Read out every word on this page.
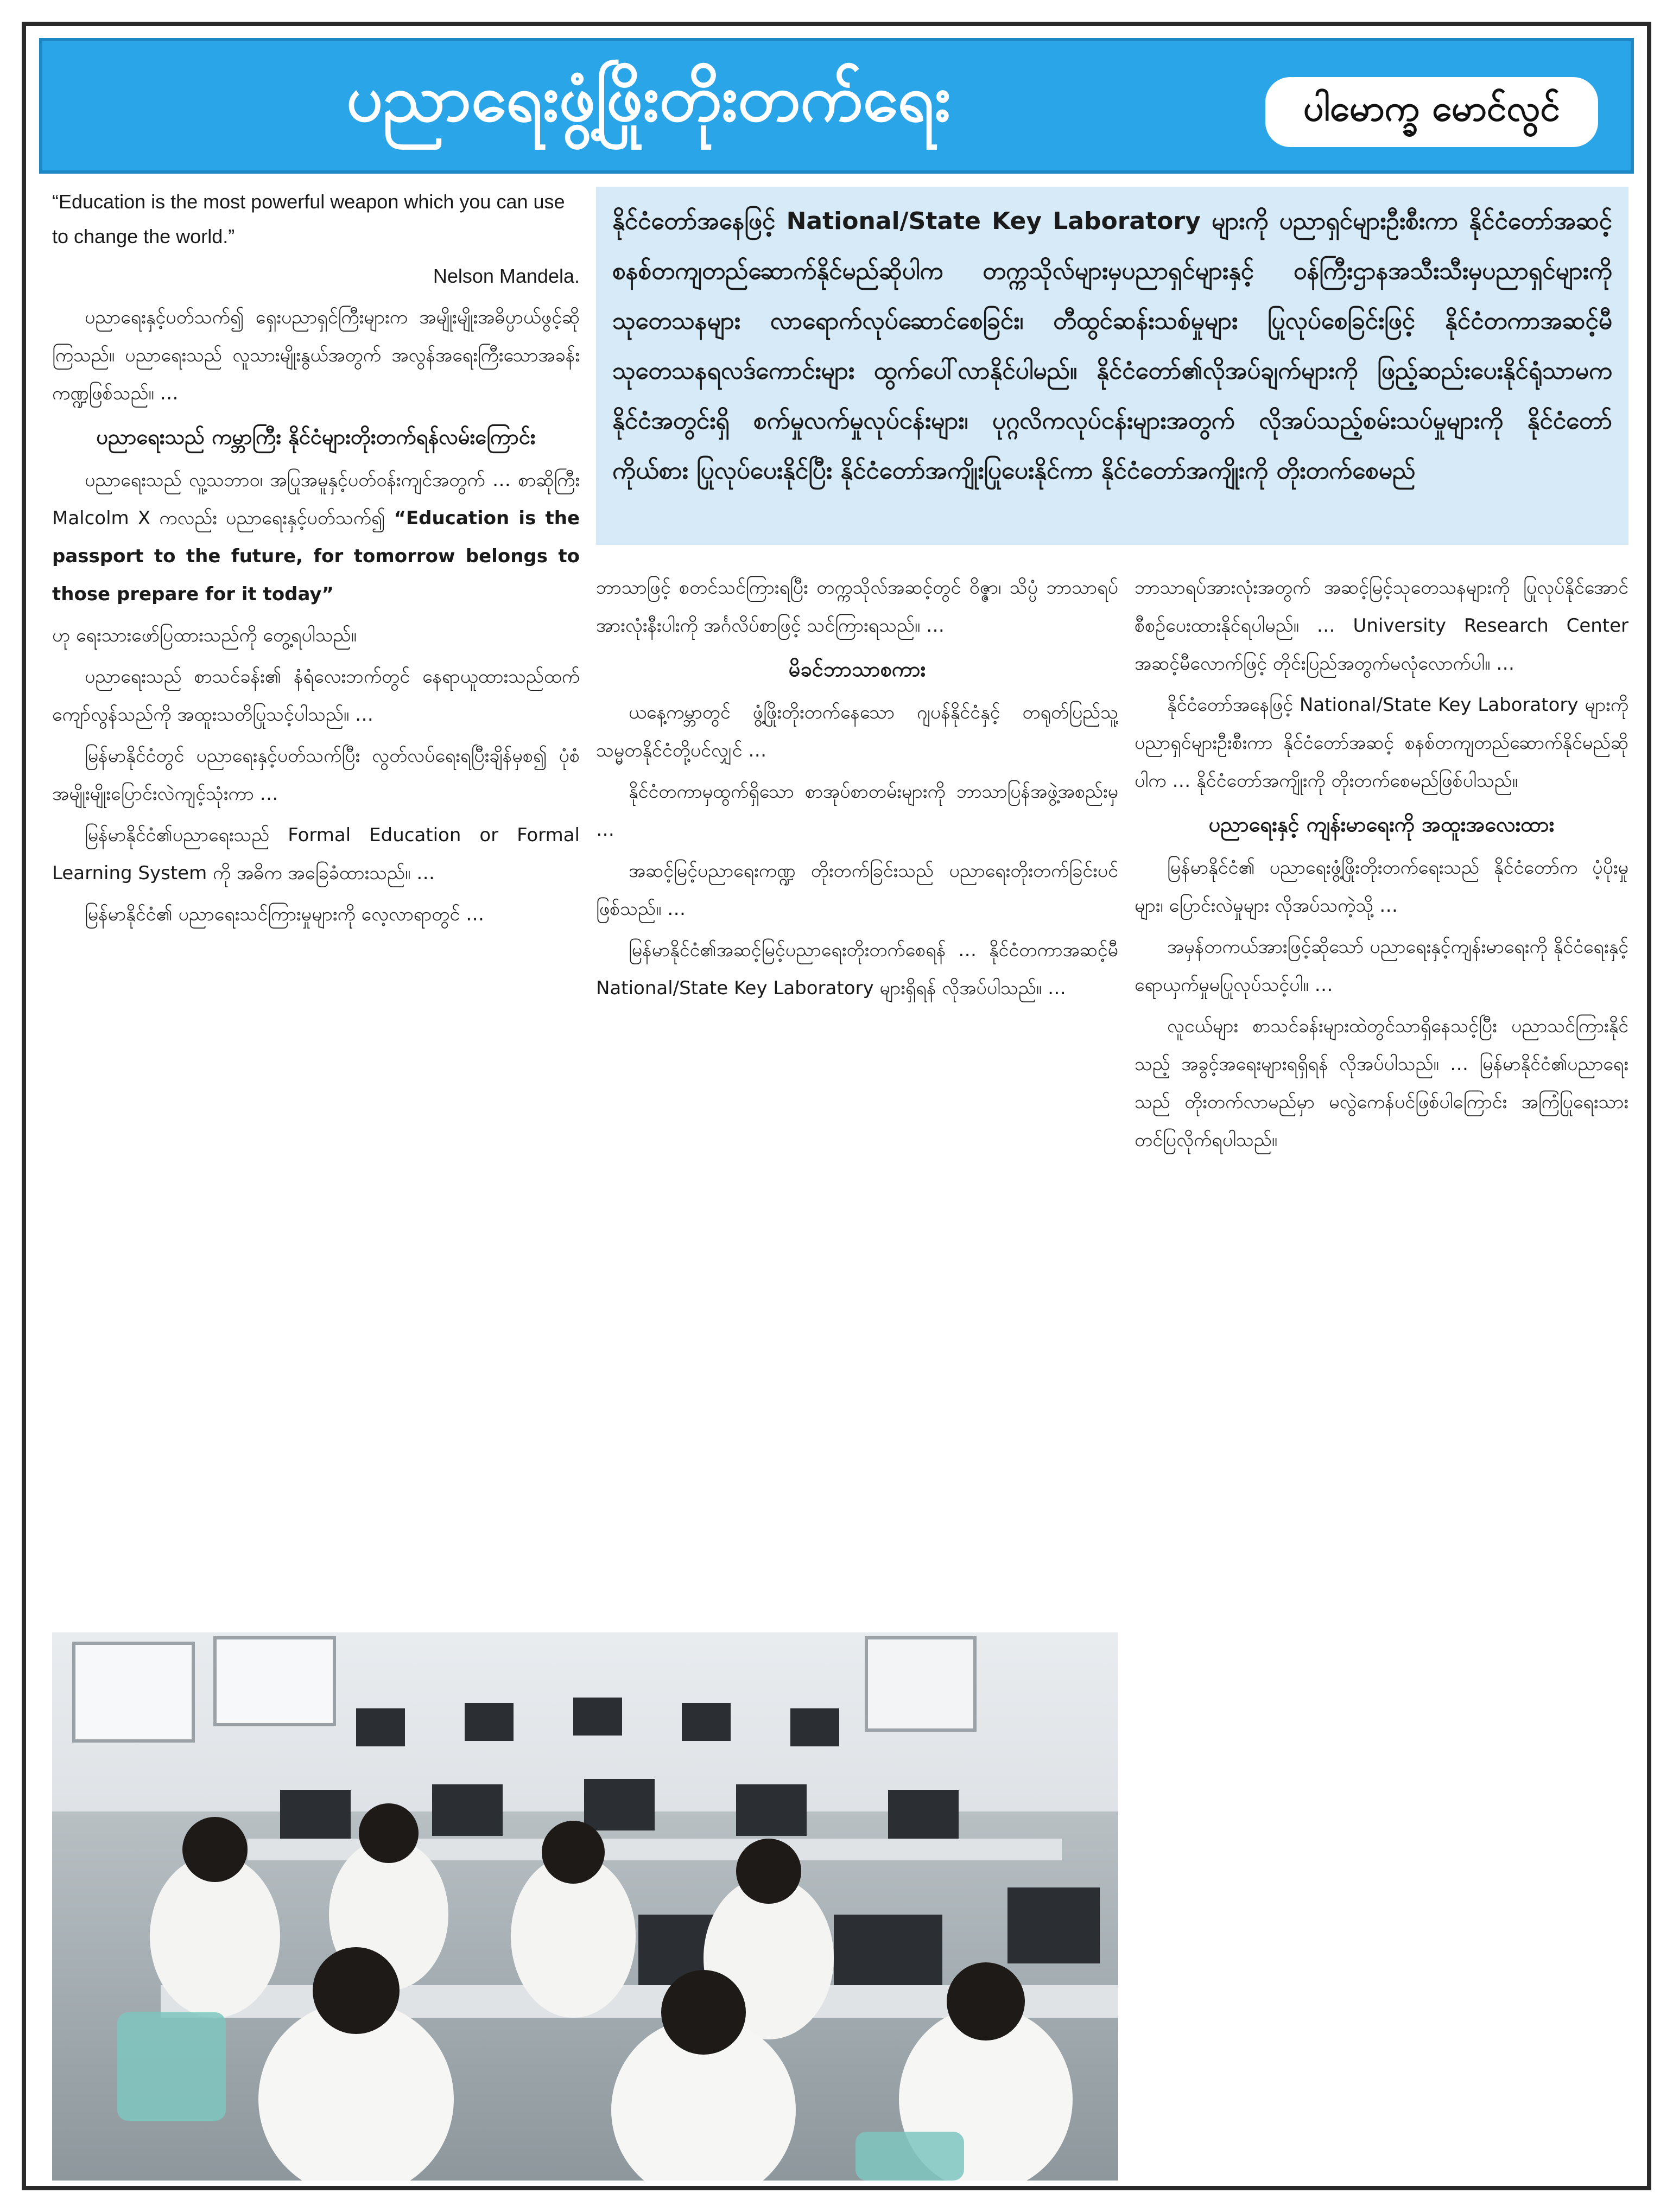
ပညာရေးဖွံ့ဖြိုးတိုးတက်ရေး	ပါမောက္ခ မောင်လွင်

“Education is the most powerful weapon which you can use to change the world.”

Nelson Mandela.

ပညာရေးနှင့်ပတ်သက်၍ ရှေးပညာရှင်ကြီးများက အမျိုးမျိုးအဓိပ္ပာယ်ဖွင့်ဆိုကြသည်။ ပညာရေးသည် လူသားမျိုးနွယ်အတွက် အလွန်အရေးကြီးသောအခန်းကဏ္ဍဖြစ်သည်။ …

ပညာရေးသည် ကမ္ဘာကြီး နိုင်ငံများတိုးတက်ရန်လမ်းကြောင်း

ပညာရေးသည် လူ့သဘာဝ၊ အပြုအမူနှင့်ပတ်ဝန်းကျင်အတွက် … စာဆိုကြီး Malcolm X ကလည်း ပညာရေးနှင့်ပတ်သက်၍ “Education is the passport to the future, for tomorrow belongs to those prepare for it today”

ဟု ရေးသားဖော်ပြထားသည်ကို တွေ့ရပါသည်။

ပညာရေးသည် စာသင်ခန်း၏ နံရံလေးဘက်တွင် နေရာယူထားသည်ထက် ကျော်လွန်သည်ကို အထူးသတိပြုသင့်ပါသည်။ …

မြန်မာနိုင်ငံတွင် ပညာရေးနှင့်ပတ်သက်ပြီး လွတ်လပ်ရေးရပြီးချိန်မှစ၍ ပုံစံအမျိုးမျိုးပြောင်းလဲကျင့်သုံးကာ …

မြန်မာနိုင်ငံ၏ပညာရေးသည် Formal Education or Formal Learning System ကို အဓိက အခြေခံထားသည်။ …

မြန်မာနိုင်ငံ၏ ပညာရေးသင်ကြားမှုများကို လေ့လာရာတွင် …

နိုင်ငံတော်အနေဖြင့် National/State Key Laboratory များကို ပညာရှင်များဦးစီးကာ နိုင်ငံတော်အဆင့် စနစ်တကျတည်ဆောက်နိုင်မည်ဆိုပါက တက္ကသိုလ်များမှပညာရှင်များနှင့် ဝန်ကြီးဌာနအသီးသီးမှပညာရှင်များကို သုတေသနများ လာရောက်လုပ်ဆောင်စေခြင်း၊ တီထွင်ဆန်းသစ်မှုများ ပြုလုပ်စေခြင်းဖြင့် နိုင်ငံတကာအဆင့်မီ သုတေသနရလဒ်ကောင်းများ ထွက်ပေါ်လာနိုင်ပါမည်။ နိုင်ငံတော်၏လိုအပ်ချက်များကို ဖြည့်ဆည်းပေးနိုင်ရုံသာမက နိုင်ငံအတွင်းရှိ စက်မှုလက်မှုလုပ်ငန်းများ၊ ပုဂ္ဂလိကလုပ်ငန်းများအတွက် လိုအပ်သည့်စမ်းသပ်မှုများကို နိုင်ငံတော်ကိုယ်စား ပြုလုပ်ပေးနိုင်ပြီး နိုင်ငံတော်အကျိုးပြုပေးနိုင်ကာ နိုင်ငံတော်အကျိုးကို တိုးတက်စေမည်

ဘာသာဖြင့် စတင်သင်ကြားရပြီး တက္ကသိုလ်အဆင့်တွင် ဝိဇ္ဇာ၊ သိပ္ပံ ဘာသာရပ်အားလုံးနီးပါးကို အင်္ဂလိပ်စာဖြင့် သင်ကြားရသည်။ …

မိခင်ဘာသာစကား

ယနေ့ကမ္ဘာတွင် ဖွံ့ဖြိုးတိုးတက်နေသော ဂျပန်နိုင်ငံနှင့် တရုတ်ပြည်သူ့သမ္မတနိုင်ငံတို့ပင်လျှင် …

နိုင်ငံတကာမှထွက်ရှိသော စာအုပ်စာတမ်းများကို ဘာသာပြန်အဖွဲ့အစည်းမှ …

အဆင့်မြင့်ပညာရေးကဏ္ဍ တိုးတက်ခြင်းသည် ပညာရေးတိုးတက်ခြင်းပင်ဖြစ်သည်။ …

မြန်မာနိုင်ငံ၏အဆင့်မြင့်ပညာရေးတိုးတက်စေရန် … နိုင်ငံတကာအဆင့်မီ National/State Key Laboratory များရှိရန် လိုအပ်ပါသည်။ …

ဘာသာရပ်အားလုံးအတွက် အဆင့်မြင့်သုတေသနများကို ပြုလုပ်နိုင်အောင် စီစဉ်ပေးထားနိုင်ရပါမည်။ … University Research Center အဆင့်မီလောက်ဖြင့် တိုင်းပြည်အတွက်မလုံလောက်ပါ။ …

နိုင်ငံတော်အနေဖြင့် National/State Key Laboratory များကို ပညာရှင်များဦးစီးကာ နိုင်ငံတော်အဆင့် စနစ်တကျတည်ဆောက်နိုင်မည်ဆိုပါက … နိုင်ငံတော်အကျိုးကို တိုးတက်စေမည်ဖြစ်ပါသည်။

ပညာရေးနှင့် ကျန်းမာရေးကို အထူးအလေးထား

မြန်မာနိုင်ငံ၏ ပညာရေးဖွံ့ဖြိုးတိုးတက်ရေးသည် နိုင်ငံတော်က ပံ့ပိုးမှုများ၊ ပြောင်းလဲမှုများ လိုအပ်သကဲ့သို့ …

အမှန်တကယ်အားဖြင့်ဆိုသော် ပညာရေးနှင့်ကျန်းမာရေးကို နိုင်ငံရေးနှင့် ရောယှက်မှုမပြုလုပ်သင့်ပါ။ …

လူငယ်များ စာသင်ခန်းများထဲတွင်သာရှိနေသင့်ပြီး ပညာသင်ကြားနိုင်သည့် အခွင့်အရေးများရရှိရန် လိုအပ်ပါသည်။ … မြန်မာနိုင်ငံ၏ပညာရေးသည် တိုးတက်လာမည်မှာ မလွဲကေန်ပင်ဖြစ်ပါကြောင်း အကြံပြုရေးသားတင်ပြလိုက်ရပါသည်။
